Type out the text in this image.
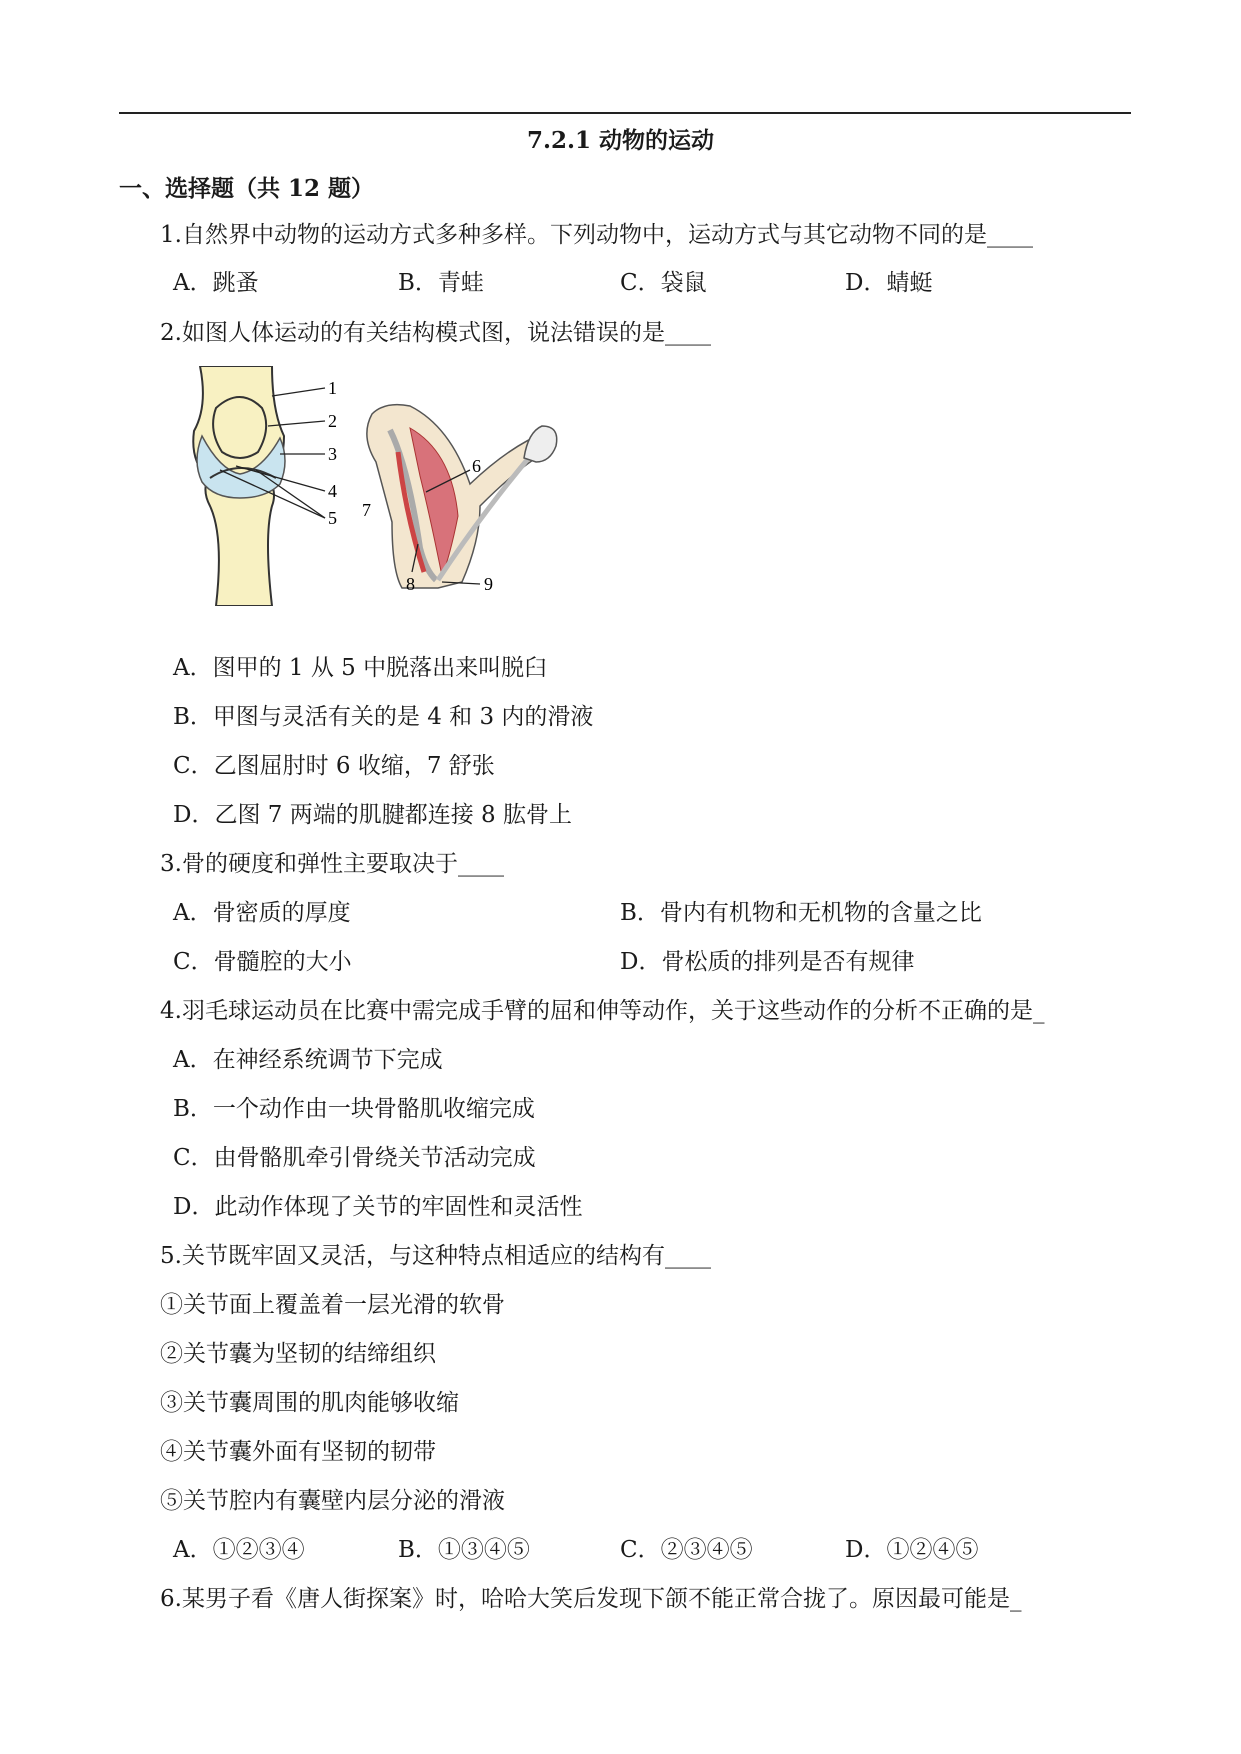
7.2.1 动物的运动
一、选择题（共 12 题）
1.自然界中动物的运动方式多种多样。下列动物中，运动方式与其它动物不同的是____
A．跳蚤	B．青蛙	C．袋鼠	D．蜻蜓
2.如图人体运动的有关结构模式图，说法错误的是____
1
2
3
4
5
6
7
8	9
A．图甲的 1 从 5 中脱落出来叫脱臼
B．甲图与灵活有关的是 4 和 3 内的滑液
C．乙图屈肘时 6 收缩，7 舒张
D．乙图 7 两端的肌腱都连接 8 肱骨上
3.骨的硬度和弹性主要取决于____
A．骨密质的厚度	B．骨内有机物和无机物的含量之比
C．骨髓腔的大小	D．骨松质的排列是否有规律
4.羽毛球运动员在比赛中需完成手臂的屈和伸等动作，关于这些动作的分析不正确的是_
A．在神经系统调节下完成
B．一个动作由一块骨骼肌收缩完成
C．由骨骼肌牵引骨绕关节活动完成
D．此动作体现了关节的牢固性和灵活性
5.关节既牢固又灵活，与这种特点相适应的结构有____
①关节面上覆盖着一层光滑的软骨
②关节囊为坚韧的结缔组织
③关节囊周围的肌肉能够收缩
④关节囊外面有坚韧的韧带
⑤关节腔内有囊壁内层分泌的滑液
A．①②③④	B．①③④⑤	C．②③④⑤	D．①②④⑤
6.某男子看《唐人街探案》时，哈哈大笑后发现下颌不能正常合拢了。原因最可能是_
